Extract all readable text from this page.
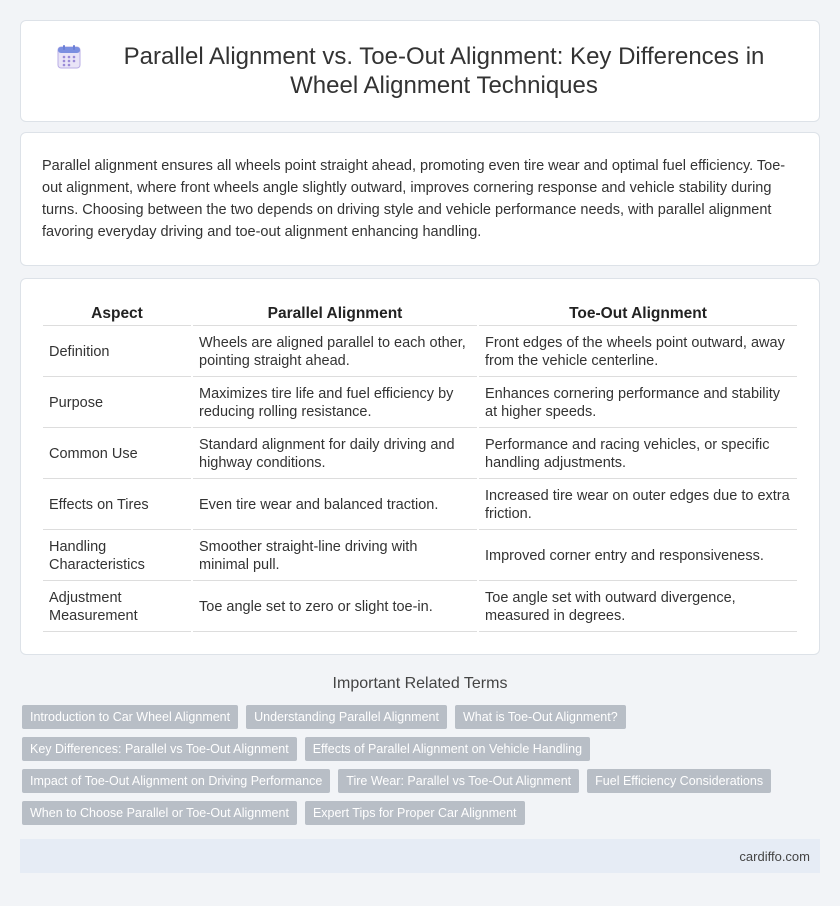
Parallel Alignment vs. Toe-Out Alignment: Key Differences in Wheel Alignment Techniques
Parallel alignment ensures all wheels point straight ahead, promoting even tire wear and optimal fuel efficiency. Toe-out alignment, where front wheels angle slightly outward, improves cornering response and vehicle stability during turns. Choosing between the two depends on driving style and vehicle performance needs, with parallel alignment favoring everyday driving and toe-out alignment enhancing handling.
Aspect	Parallel Alignment	Toe-Out Alignment
Definition	Wheels are aligned parallel to each other, pointing straight ahead.	Front edges of the wheels point outward, away from the vehicle centerline.
Purpose	Maximizes tire life and fuel efficiency by reducing rolling resistance.	Enhances cornering performance and stability at higher speeds.
Common Use	Standard alignment for daily driving and highway conditions.	Performance and racing vehicles, or specific handling adjustments.
Effects on Tires	Even tire wear and balanced traction.	Increased tire wear on outer edges due to extra friction.
Handling Characteristics	Smoother straight-line driving with minimal pull.	Improved corner entry and responsiveness.
Adjustment Measurement	Toe angle set to zero or slight toe-in.	Toe angle set with outward divergence, measured in degrees.
Important Related Terms
Introduction to Car Wheel Alignment	Understanding Parallel Alignment	What is Toe-Out Alignment?
Key Differences: Parallel vs Toe-Out Alignment	Effects of Parallel Alignment on Vehicle Handling
Impact of Toe-Out Alignment on Driving Performance	Tire Wear: Parallel vs Toe-Out Alignment	Fuel Efficiency Considerations
When to Choose Parallel or Toe-Out Alignment	Expert Tips for Proper Car Alignment
cardiffo.com
